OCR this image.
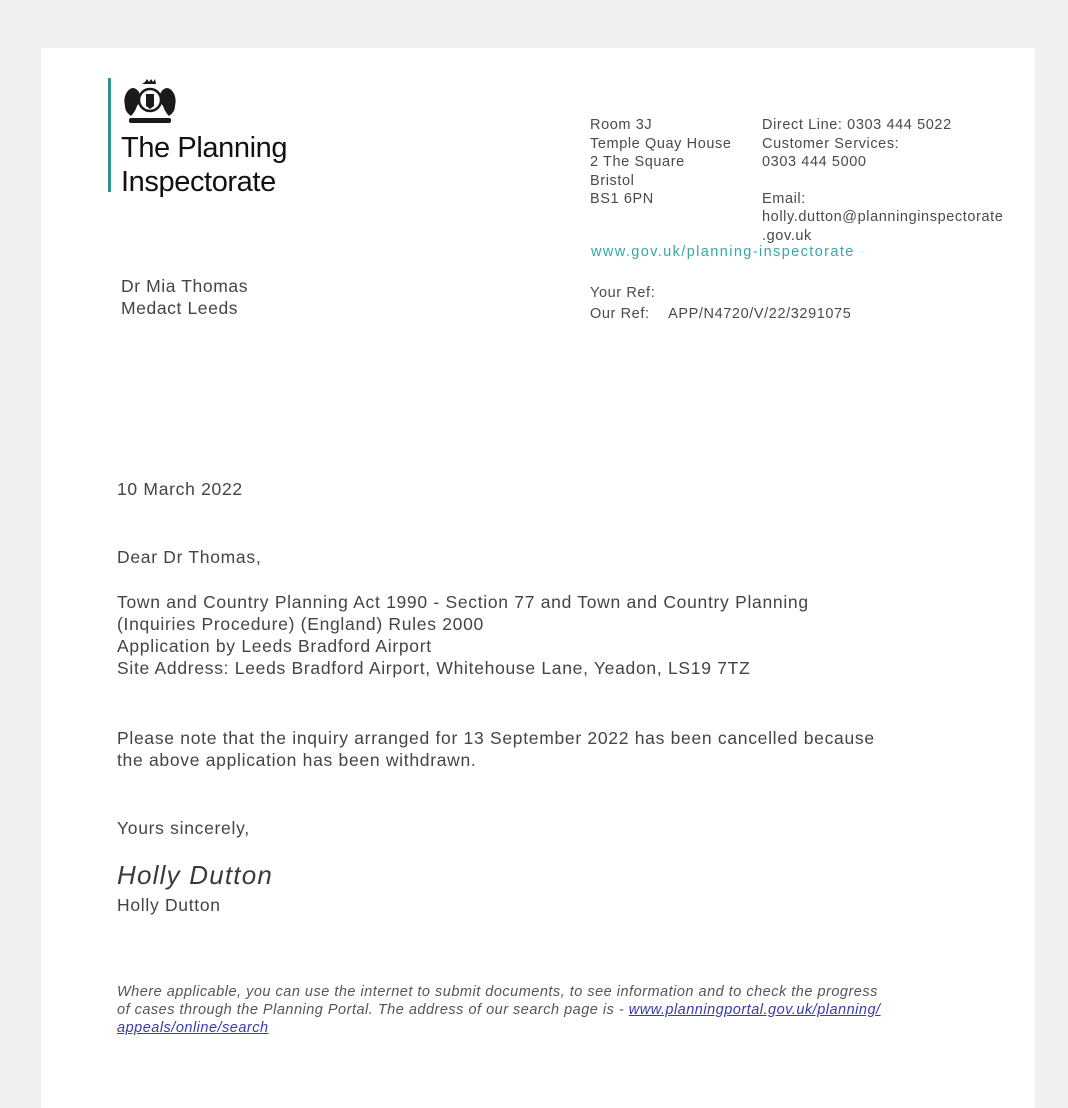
The Planning
Inspectorate
Room 3J
Temple Quay House
2 The Square
Bristol
BS1 6PN
Direct Line: 0303 444 5022
Customer Services:
0303 444 5000
Email:
holly.dutton@planninginspectorate
.gov.uk
www.gov.uk/planning-inspectorate
Dr Mia Thomas
Medact Leeds
Your Ref:
Our Ref: APP/N4720/V/22/3291075
10 March 2022
Dear Dr Thomas,
Town and Country Planning Act 1990 - Section 77 and Town and Country Planning
(Inquiries Procedure) (England) Rules 2000
Application by Leeds Bradford Airport
Site Address: Leeds Bradford Airport, Whitehouse Lane, Yeadon, LS19 7TZ
Please note that the inquiry arranged for 13 September 2022 has been cancelled because
the above application has been withdrawn.
Yours sincerely,
Holly Dutton
Holly Dutton
Where applicable, you can use the internet to submit documents, to see information and to check the progress
of cases through the Planning Portal. The address of our search page is - www.planningportal.gov.uk/planning/
appeals/online/search
